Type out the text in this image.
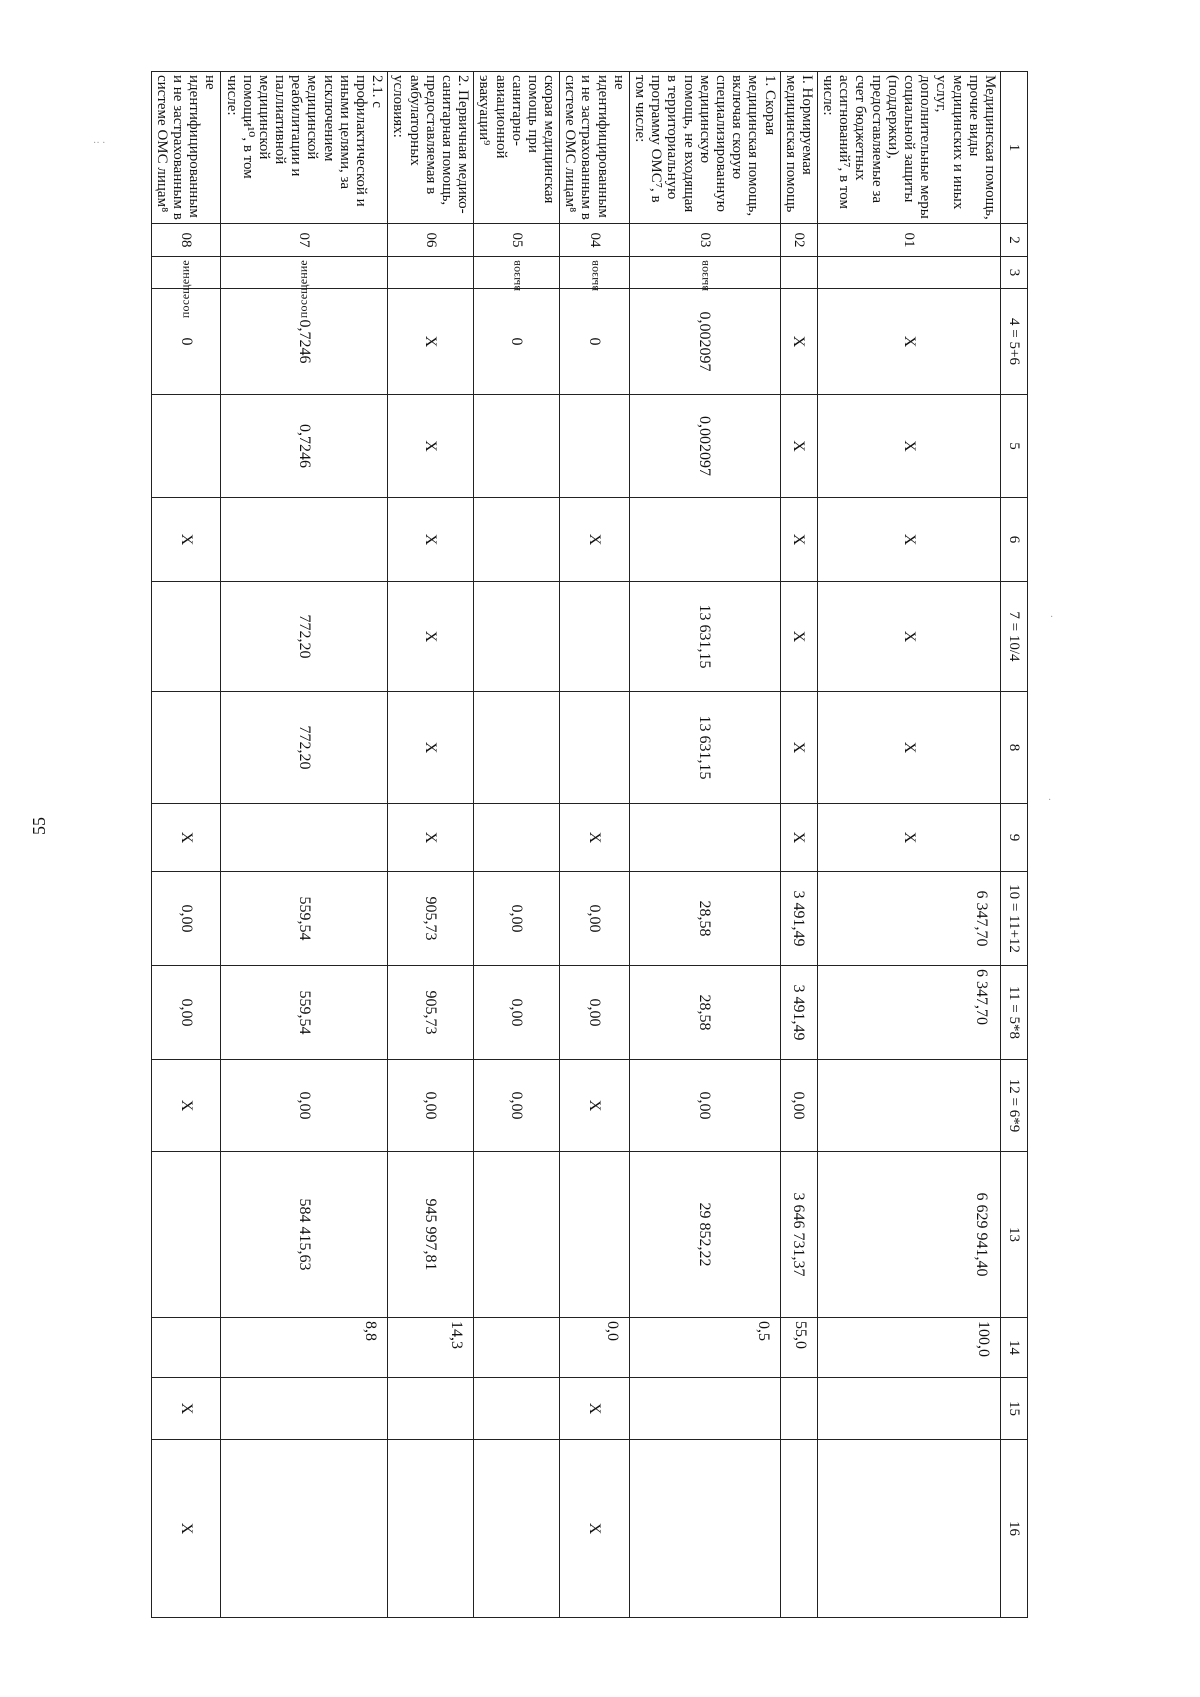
55
·· ·
·
·
1	2	3	4 = 5+6	5	6	7 = 10/4	8	9	10 = 11+12	11 = 5*8	12 = 6*9	13	14	15	16
Медицинская помощь, прочие виды медицинских и иных услуг, дополнительные меры социальной защиты (поддержки), предоставляемые за счет бюджетных ассигнований⁷, в том числе:	01		X	X	X	X	X	X	6 347,70	6 347,70		6 629 941,40	100,0		
I. Нормируемая медицинская помощь	02		X	X	X	X	X	X	3 491,49	3 491,49	0,00	3 646 731,37	55,0		
1. Скорая медицинская помощь, включая скорую специализированную медицинскую помощь, не входящая в территориальную программу ОМС⁷, в том числе:	03	вызов	0,002097	0,002097		13 631,15	13 631,15		28,58	28,58	0,00	29 852,22	0,5		
не идентифицированным и не застрахованным в системе ОМС лицам⁸	04	вызов	0		X			X	0,00	0,00	X		0,0	X	X
скорая медицинская помощь при санитарно-авиационной эвакуации⁹	05	вызов	0						0,00	0,00	0,00				
2. Первичная медико-санитарная помощь, предоставляемая в амбулаторных условиях:	06		X	X	X	X	X	X	905,73	905,73	0,00	945 997,81	14,3		
2.1. с профилактической и иными целями, за исключением медицинской реабилитации и паллиативной медицинской помощи¹⁰, в том числе:	07	посещение	0,7246	0,7246		772,20	772,20		559,54	559,54	0,00	584 415,63	8,8		
не идентифицированным и не застрахованным в системе ОМС лицам⁸	08	посещение	0		X			X	0,00	0,00	X			X	X
